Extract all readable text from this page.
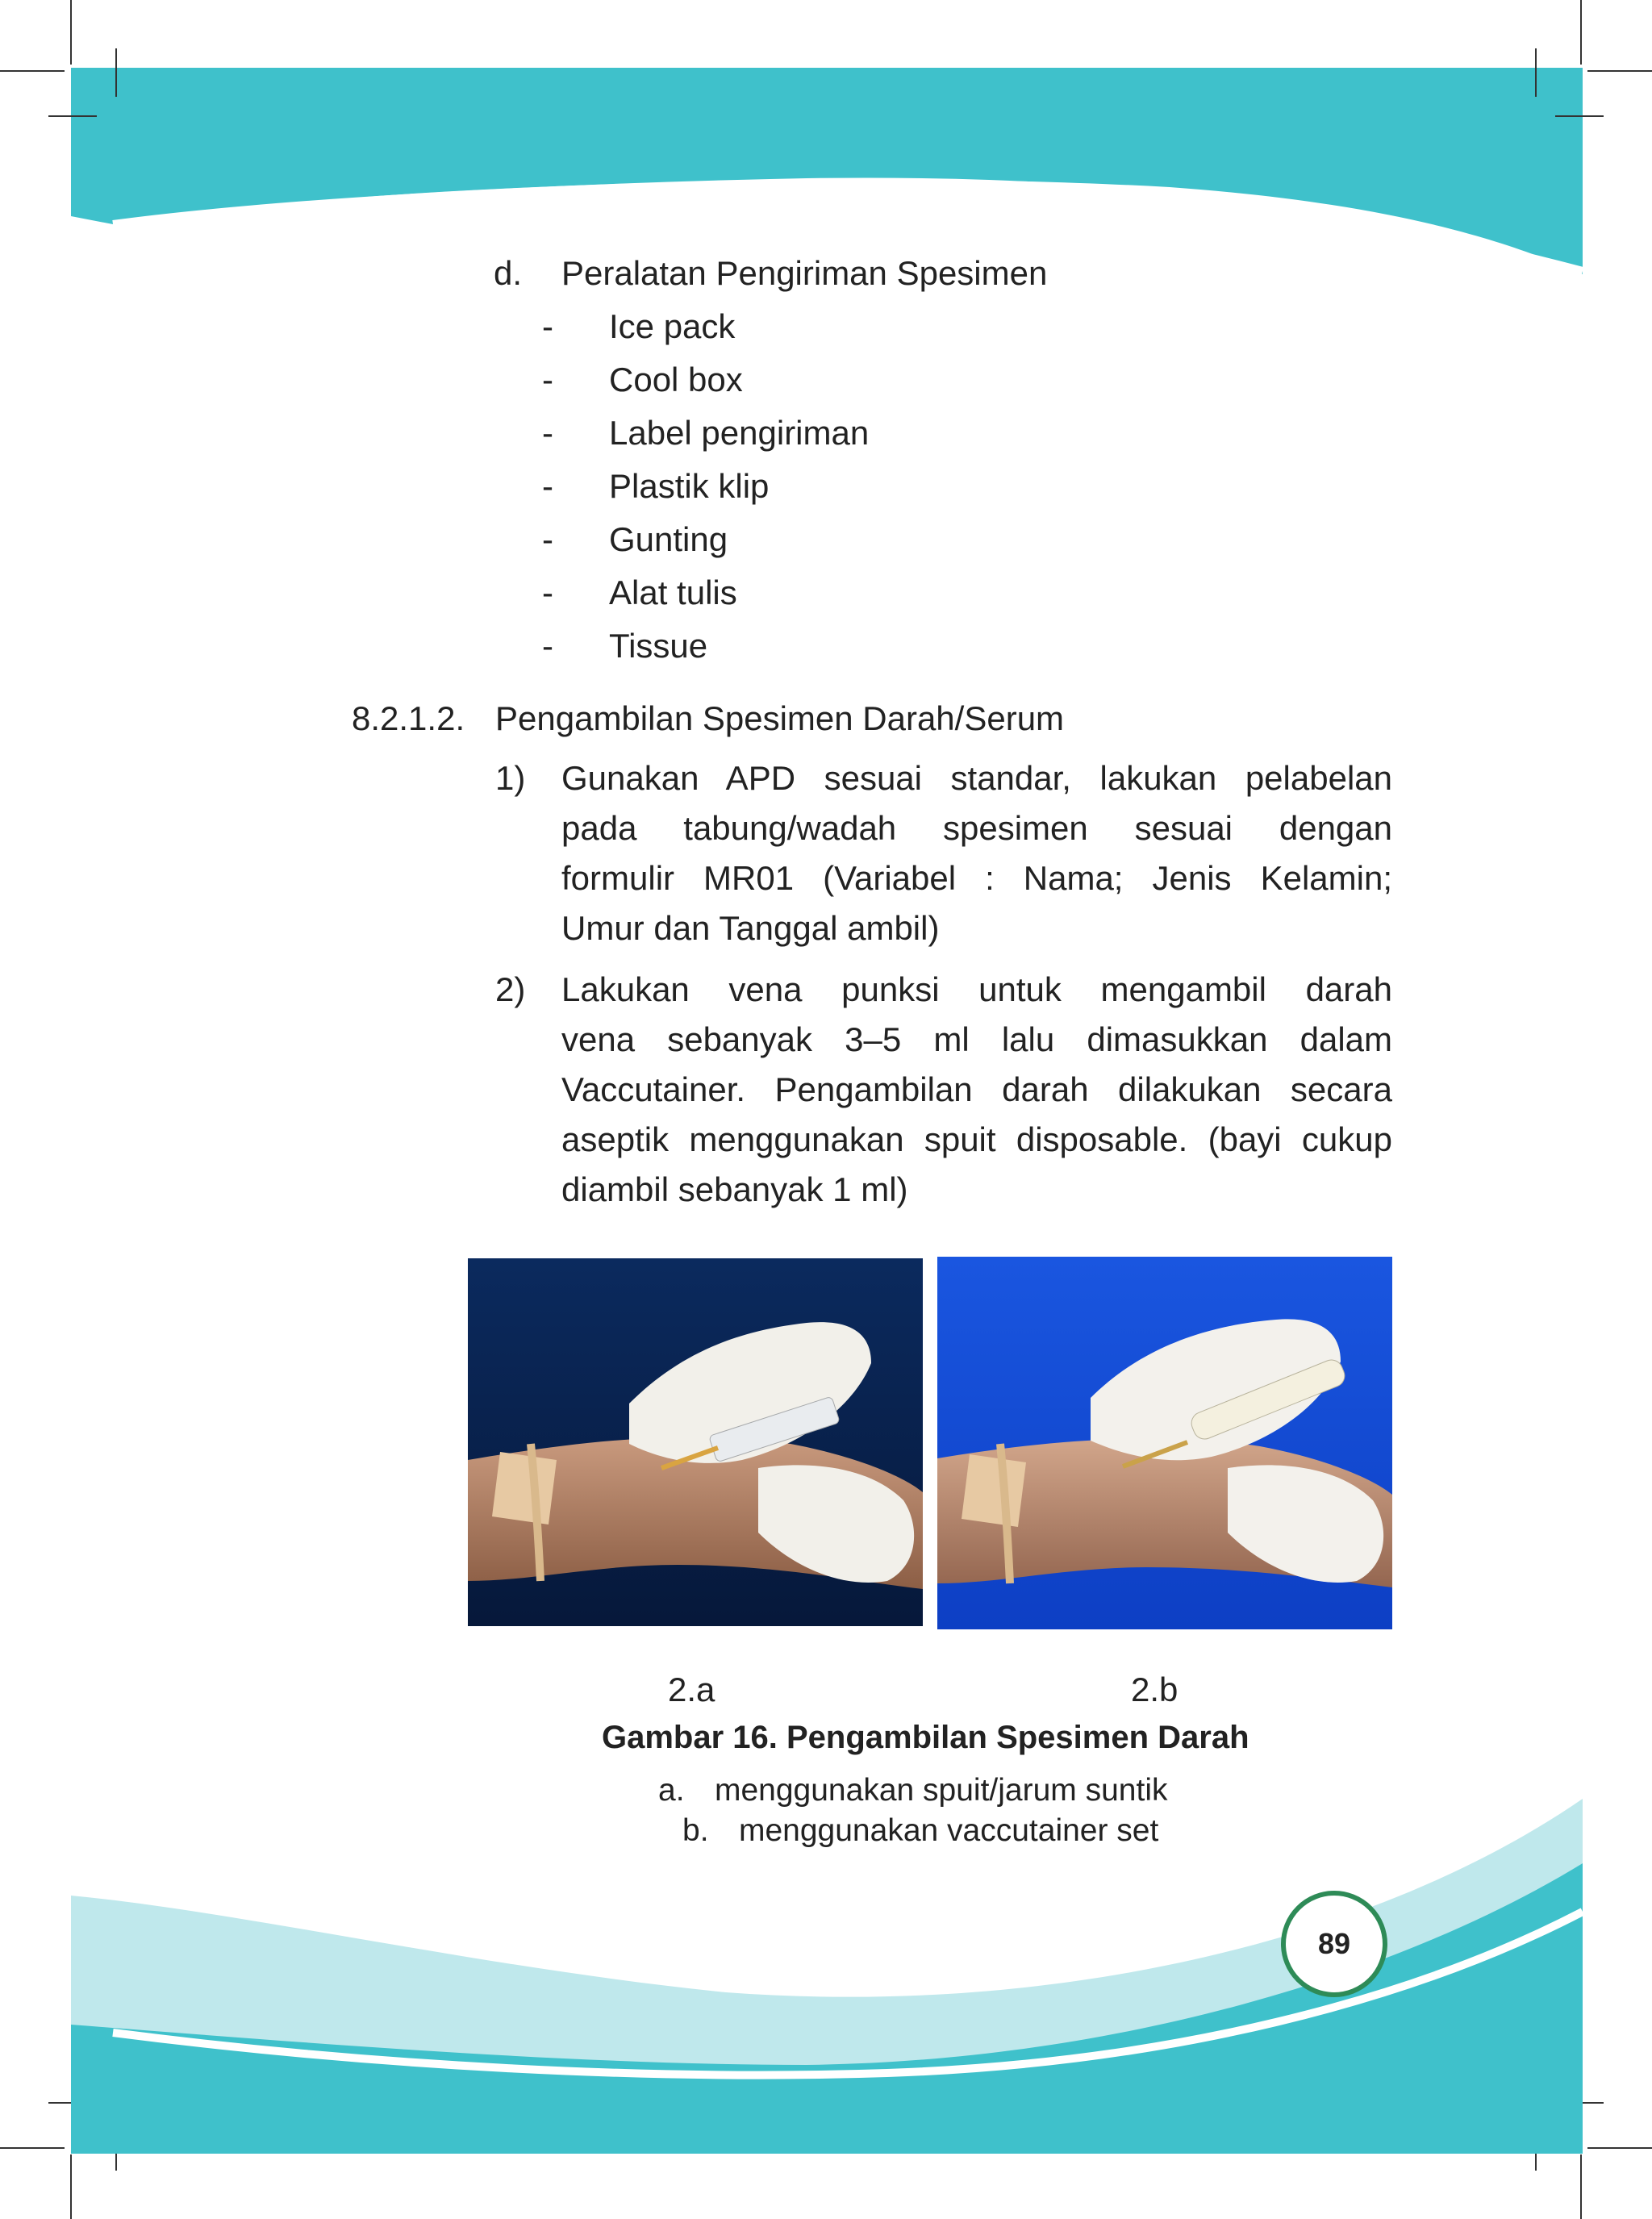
d. Peralatan Pengiriman Spesimen
- Ice pack
- Cool box
- Label pengiriman
- Plastik klip
- Gunting
- Alat tulis
- Tissue
8.2.1.2. Pengambilan Spesimen Darah/Serum
1) Gunakan APD sesuai standar, lakukan pelabelan
pada tabung/wadah spesimen sesuai dengan
formulir MR01 (Variabel : Nama; Jenis Kelamin;
Umur dan Tanggal ambil)
2) Lakukan vena punksi untuk mengambil darah
vena sebanyak 3–5 ml lalu dimasukkan dalam
Vaccutainer. Pengambilan darah dilakukan secara
aseptik menggunakan spuit disposable. (bayi cukup
diambil sebanyak 1 ml)
2.a	2.b
Gambar 16. Pengambilan Spesimen Darah
a. menggunakan spuit/jarum suntik
b. menggunakan vaccutainer set
89
